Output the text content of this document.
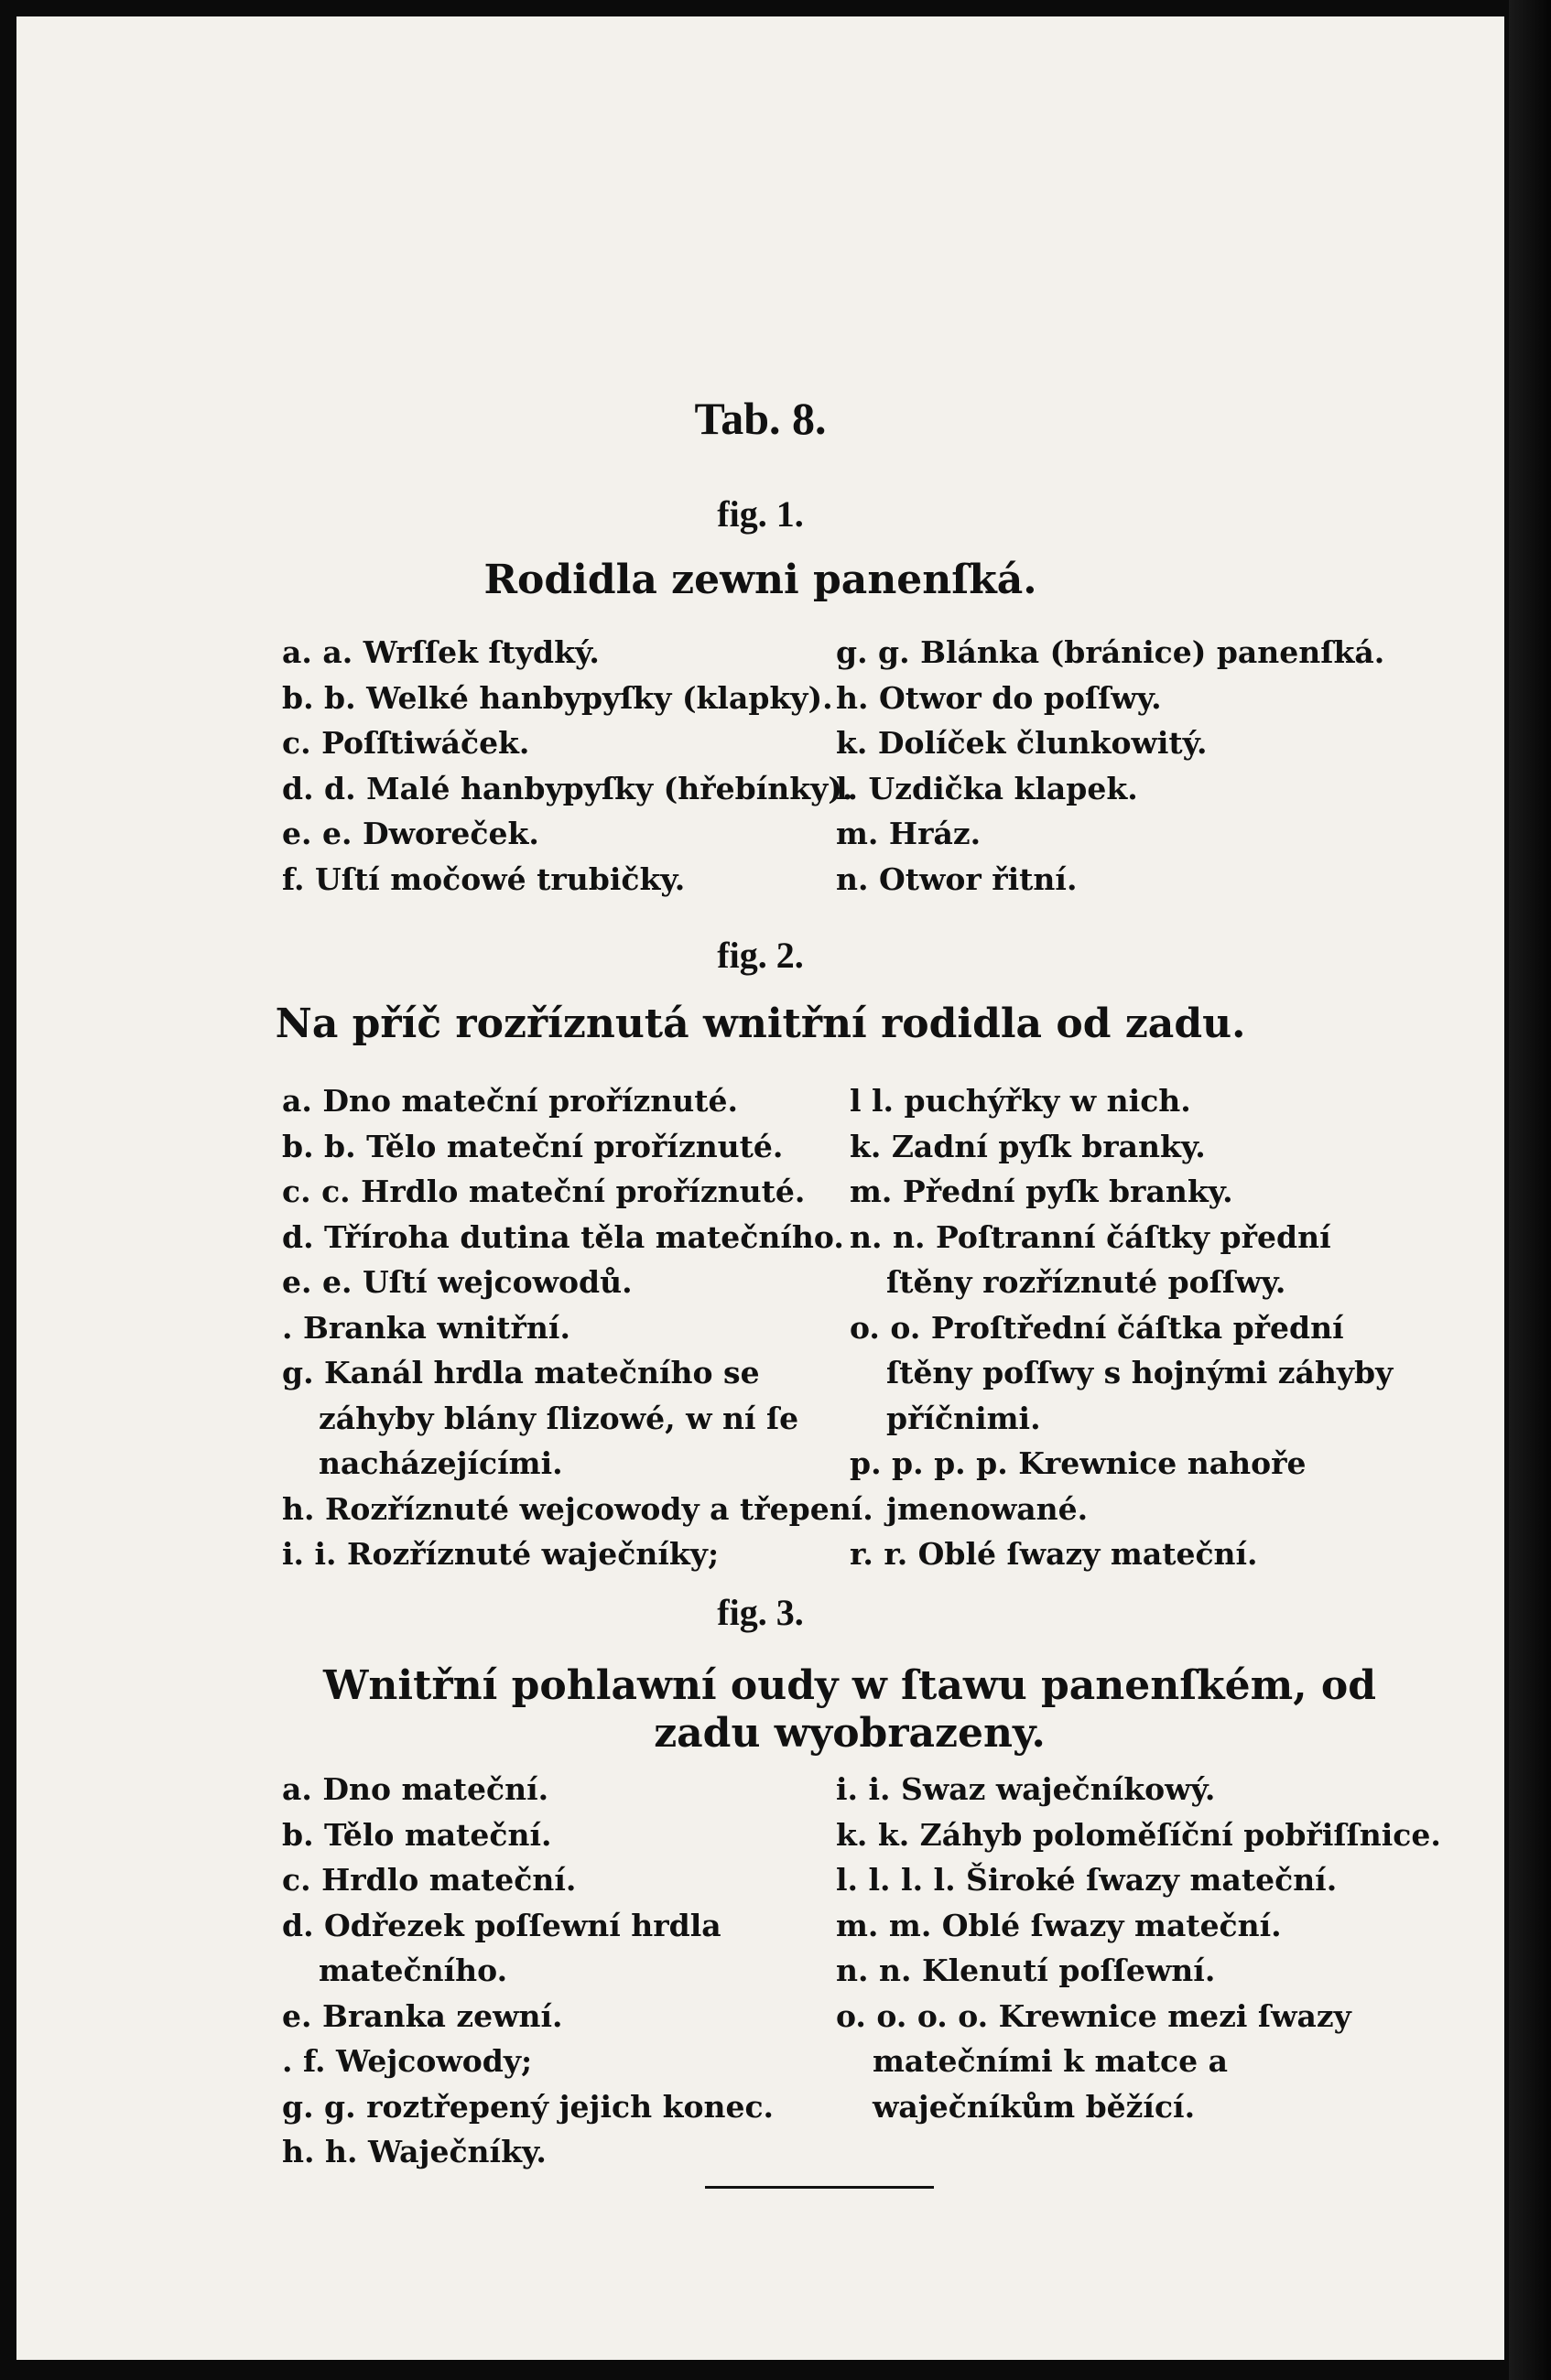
Tab. 8.
fig. 1.
Rodidla zewni panenſká.
a. a. Wrſſek ſtydký.
b. b. Welké hanbypyſky (klapky).
c. Poſſtiwáček.
d. d. Malé hanbypyſky (hřebínky).
e. e. Dworeček.
f. Uſtí močowé trubičky.
g. g. Blánka (bránice) panenſká.
h. Otwor do poſſwy.
k. Dolíček člunkowitý.
l. Uzdička klapek.
m. Hráz.
n. Otwor řitní.
fig. 2.
Na příč rozříznutá wnitřní rodidla od zadu.
a. Dno mateční proříznuté.
b. b. Tělo mateční proříznuté.
c. c. Hrdlo mateční proříznuté.
d. Tříroha dutina těla matečního.
e. e. Uſtí wejcowodů.
. Branka wnitřní.
g. Kanál hrdla matečního se záhyby blány ſlizowé, w ní ſe nacházejícími.
h. Rozříznuté wejcowody a třepení.
i. i. Rozříznuté waječníky;
l l. puchýřky w nich.
k. Zadní pyſk branky.
m. Přední pyſk branky.
n. n. Poſtranní čáſtky přední ſtěny rozříznuté poſſwy.
o. o. Proſtřední čáſtka přední ſtěny poſſwy s hojnými záhyby příčnimi.
p. p. p. p. Krewnice nahoře jmenowané.
r. r. Oblé ſwazy mateční.
fig. 3.
Wnitřní pohlawní oudy w ſtawu panenſkém, od zadu wyobrazeny.
a. Dno mateční.
b. Tělo mateční.
c. Hrdlo mateční.
d. Odřezek poſſewní hrdla matečního.
e. Branka zewní.
. f. Wejcowody;
g. g. roztřepený jejich konec.
h. h. Waječníky.
i. i. Swaz waječníkowý.
k. k. Záhyb poloměſíční pobřiſſnice.
l. l. l. l. Široké ſwazy mateční.
m. m. Oblé ſwazy mateční.
n. n. Klenutí poſſewní.
o. o. o. o. Krewnice mezi ſwazy matečními k matce a waječníkům běžící.
